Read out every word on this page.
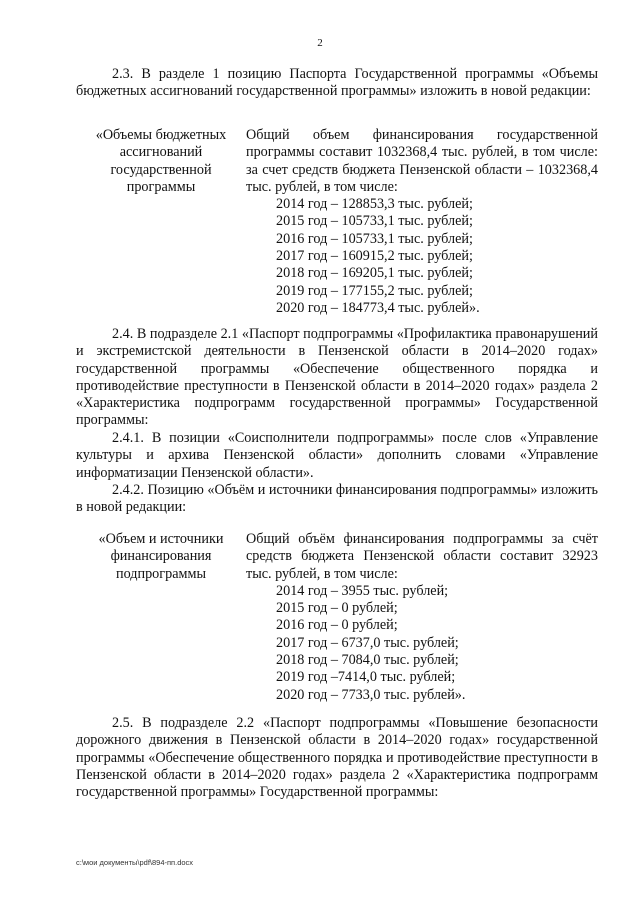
2

2.3. В разделе 1 позицию Паспорта Государственной программы «Объемы бюджетных ассигнований государственной программы» изложить в новой редакции:

«Объемы бюджетных ассигнований государственной программы
Общий объем финансирования государственной программы составит 1032368,4 тыс. рублей, в том числе: за счет средств бюджета Пензенской области – 1032368,4 тыс. рублей, в том числе:
2014 год – 128853,3 тыс. рублей;
2015 год – 105733,1 тыс. рублей;
2016 год – 105733,1 тыс. рублей;
2017 год – 160915,2 тыс. рублей;
2018 год – 169205,1 тыс. рублей;
2019 год – 177155,2 тыс. рублей;
2020 год – 184773,4 тыс. рублей».

2.4. В подразделе 2.1 «Паспорт подпрограммы «Профилактика правонарушений и экстремистской деятельности в Пензенской области в 2014–2020 годах» государственной программы «Обеспечение общественного порядка и противодействие преступности в Пензенской области в 2014–2020 годах» раздела 2 «Характеристика подпрограмм государственной программы» Государственной программы:

2.4.1. В позиции «Соисполнители подпрограммы» после слов «Управление культуры и архива Пензенской области» дополнить словами «Управление информатизации Пензенской области».

2.4.2. Позицию «Объём и источники финансирования подпрограммы» изложить в новой редакции:

«Объем и источники финансирования подпрограммы
Общий объём финансирования подпрограммы за счёт средств бюджета Пензенской области составит 32923 тыс. рублей, в том числе:
2014 год – 3955 тыс. рублей;
2015 год – 0 рублей;
2016 год – 0 рублей;
2017 год – 6737,0 тыс. рублей;
2018 год – 7084,0 тыс. рублей;
2019 год –7414,0 тыс. рублей;
2020 год – 7733,0 тыс. рублей».

2.5. В подразделе 2.2 «Паспорт подпрограммы «Повышение безопасности дорожного движения в Пензенской области в 2014–2020 годах» государственной программы «Обеспечение общественного порядка и противодействие преступности в Пензенской области в 2014–2020 годах» раздела 2 «Характеристика подпрограмм государственной программы» Государственной программы:

c:\мои документы\pdf\894-пп.docx
